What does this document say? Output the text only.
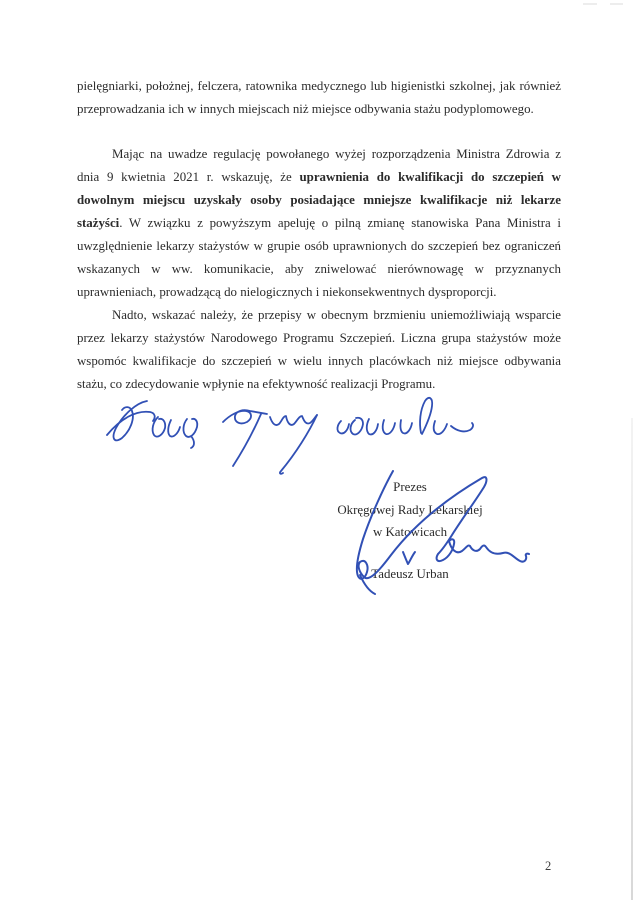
pielęgniarki, położnej, felczera, ratownika medycznego lub higienistki szkolnej, jak również przeprowadzania ich w innych miejscach niż miejsce odbywania stażu podyplomowego.

Mając na uwadze regulację powołanego wyżej rozporządzenia Ministra Zdrowia z dnia 9 kwietnia 2021 r. wskazuję, że uprawnienia do kwalifikacji do szczepień w dowolnym miejscu uzyskały osoby posiadające mniejsze kwalifikacje niż lekarze stażyści. W związku z powyższym apeluję o pilną zmianę stanowiska Pana Ministra i uwzględnienie lekarzy stażystów w grupie osób uprawnionych do szczepień bez ograniczeń wskazanych w ww. komunikacie, aby zniwelować nierównowagę w przyznanych uprawnieniach, prowadzącą do nielogicznych i niekonsekwentnych dysproporcji.

Nadto, wskazać należy, że przepisy w obecnym brzmieniu uniemożliwiają wsparcie przez lekarzy stażystów Narodowego Programu Szczepień. Liczna grupa stażystów może wspomóc kwalifikacje do szczepień w wielu innych placówkach niż miejsce odbywania stażu, co zdecydowanie wpłynie na efektywność realizacji Programu.

Prezes

Okręgowej Rady Lekarskiej

w Katowicach

Tadeusz Urban

2
